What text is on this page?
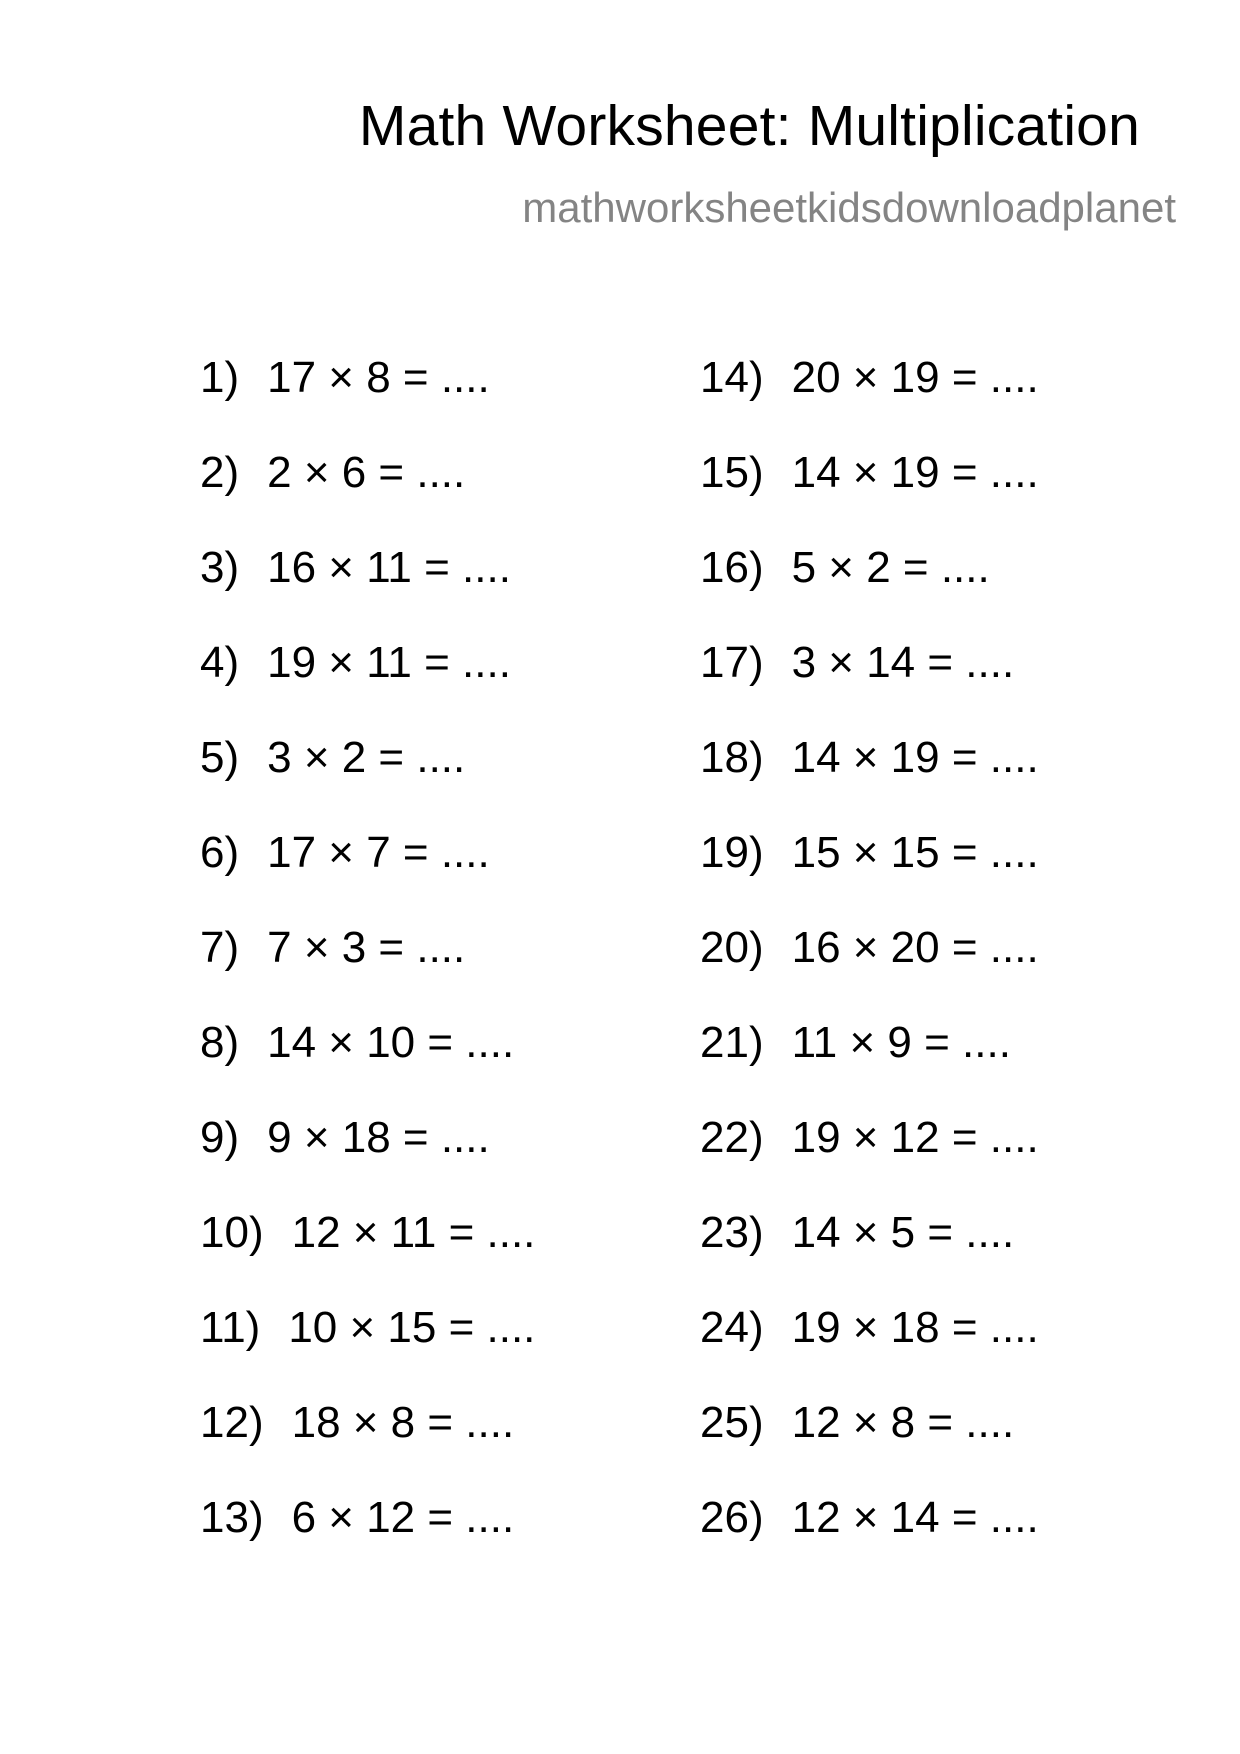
Math Worksheet: Multiplication
mathworksheetkidsdownloadplanet
1) 17 × 8 = ....
2) 2 × 6 = ....
3) 16 × 11 = ....
4) 19 × 11 = ....
5) 3 × 2 = ....
6) 17 × 7 = ....
7) 7 × 3 = ....
8) 14 × 10 = ....
9) 9 × 18 = ....
10) 12 × 11 = ....
11) 10 × 15 = ....
12) 18 × 8 = ....
13) 6 × 12 = ....
14) 20 × 19 = ....
15) 14 × 19 = ....
16) 5 × 2 = ....
17) 3 × 14 = ....
18) 14 × 19 = ....
19) 15 × 15 = ....
20) 16 × 20 = ....
21) 11 × 9 = ....
22) 19 × 12 = ....
23) 14 × 5 = ....
24) 19 × 18 = ....
25) 12 × 8 = ....
26) 12 × 14 = ....
